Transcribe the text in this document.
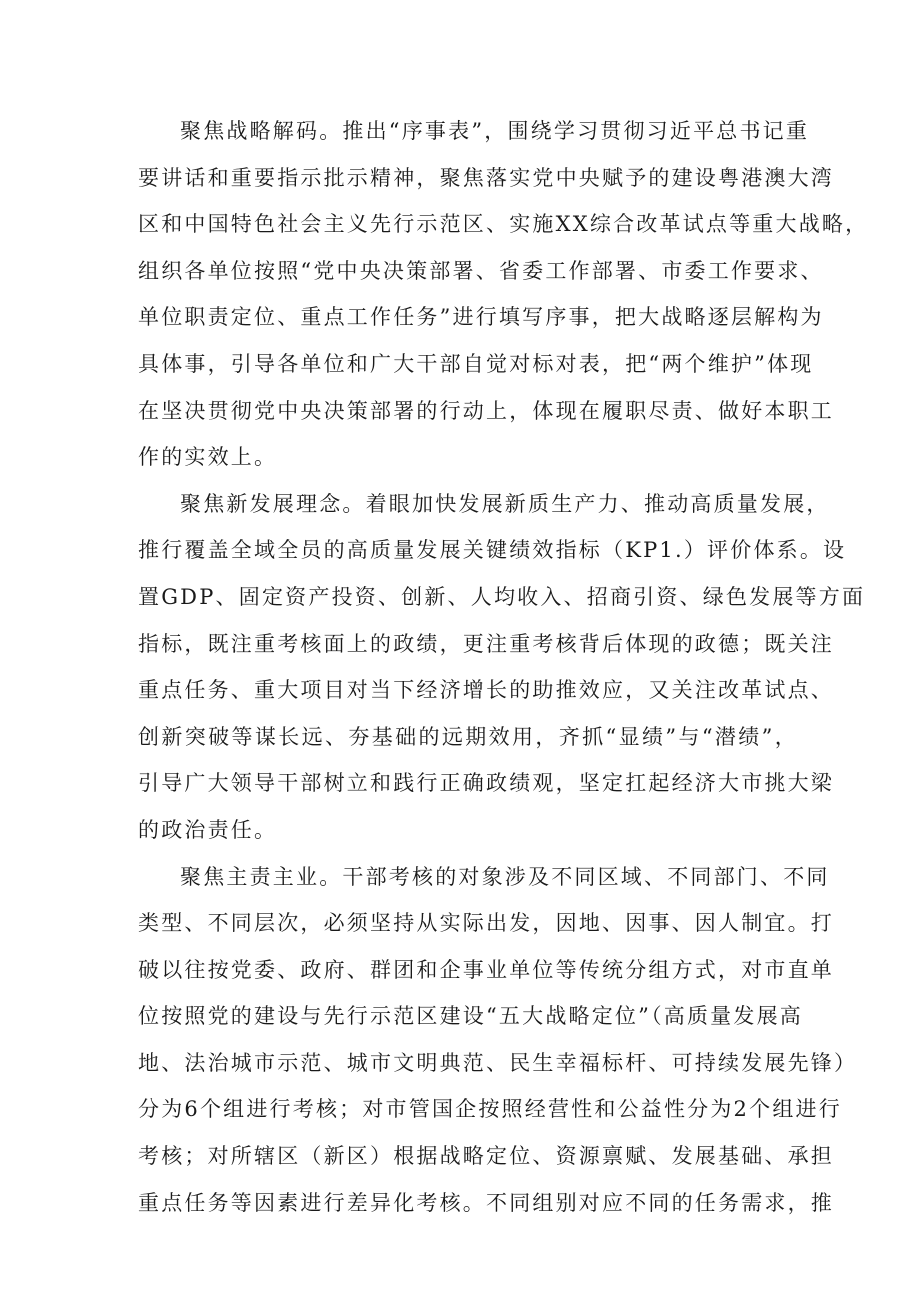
聚焦战略解码。推出“序事表”，围绕学习贯彻习近平总书记重
要讲话和重要指示批示精神，聚焦落实党中央赋予的建设粤港澳大湾
区和中国特色社会主义先行示范区、实施XX综合改革试点等重大战略，
组织各单位按照“党中央决策部署、省委工作部署、市委工作要求、
单位职责定位、重点工作任务”进行填写序事，把大战略逐层解构为
具体事，引导各单位和广大干部自觉对标对表，把“两个维护”体现
在坚决贯彻党中央决策部署的行动上，体现在履职尽责、做好本职工
作的实效上。

聚焦新发展理念。着眼加快发展新质生产力、推动高质量发展，
推行覆盖全域全员的高质量发展关键绩效指标（KP1.）评价体系。设
置GDP、固定资产投资、创新、人均收入、招商引资、绿色发展等方面
指标，既注重考核面上的政绩，更注重考核背后体现的政德；既关注
重点任务、重大项目对当下经济增长的助推效应，又关注改革试点、
创新突破等谋长远、夯基础的远期效用，齐抓“显绩”与“潜绩”，
引导广大领导干部树立和践行正确政绩观，坚定扛起经济大市挑大梁
的政治责任。

聚焦主责主业。干部考核的对象涉及不同区域、不同部门、不同
类型、不同层次，必须坚持从实际出发，因地、因事、因人制宜。打
破以往按党委、政府、群团和企事业单位等传统分组方式，对市直单
位按照党的建设与先行示范区建设“五大战略定位”（高质量发展高
地、法治城市示范、城市文明典范、民生幸福标杆、可持续发展先锋）
分为6个组进行考核；对市管国企按照经营性和公益性分为2个组进行
考核；对所辖区（新区）根据战略定位、资源禀赋、发展基础、承担
重点任务等因素进行差异化考核。不同组别对应不同的任务需求，推
